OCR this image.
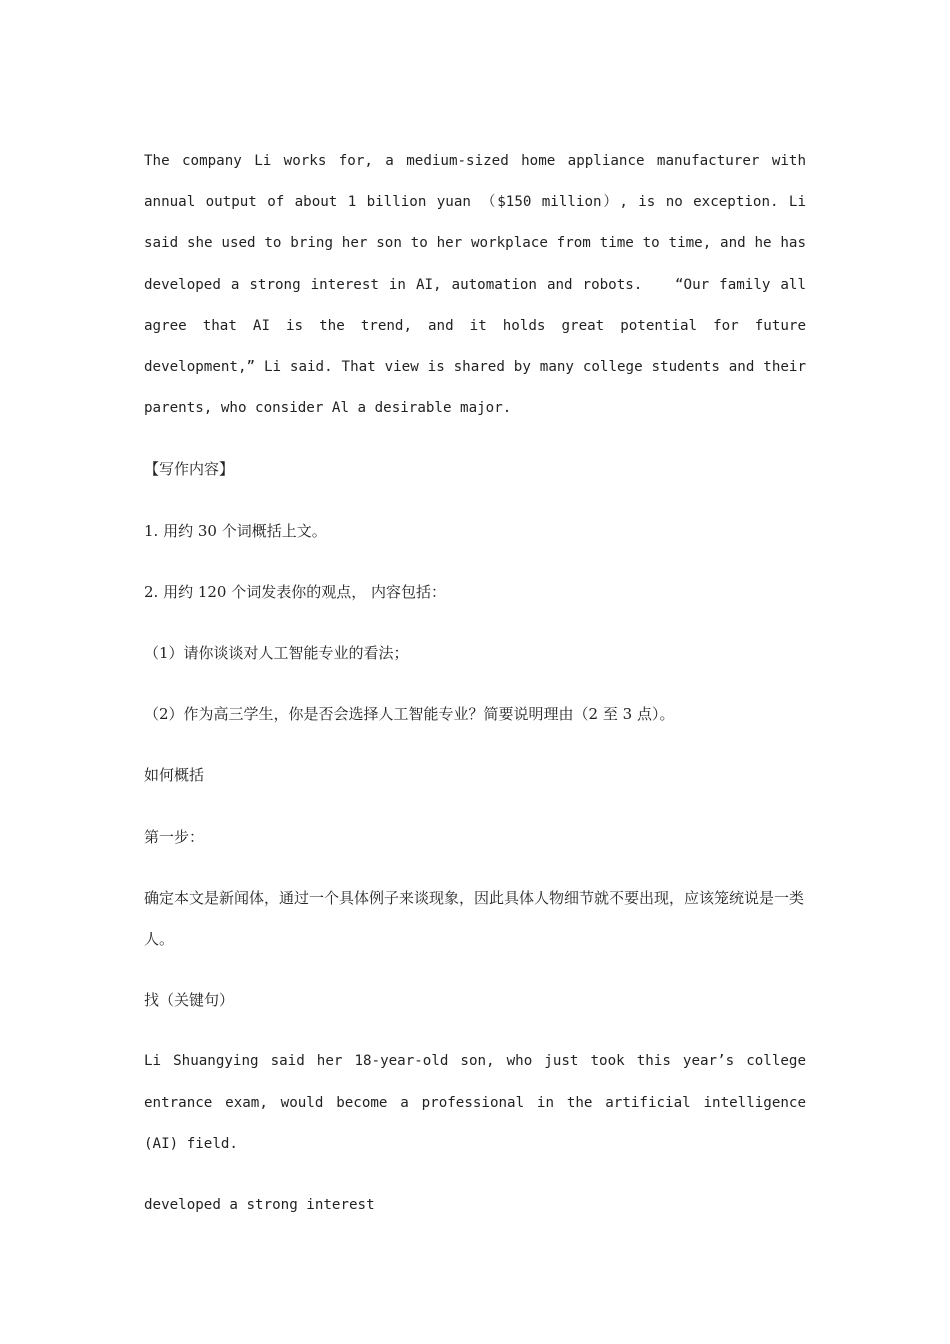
The company Li works for, a medium-sized home appliance manufacturer with annual output of about 1 billion yuan （$150 million）, is no exception. Li said she used to bring her son to her workplace from time to time, and he has developed a strong interest in AI, automation and robots.　　“Our family all agree that AI is the trend, and it holds great potential for future development,” Li said. That view is shared by many college students and their parents, who consider Al a desirable major.

【写作内容】

1. 用约 30 个词概括上文。

2. 用约 120 个词发表你的观点， 内容包括：

（1）请你谈谈对人工智能专业的看法；

（2）作为高三学生，你是否会选择人工智能专业？简要说明理由（2 至 3 点）。

如何概括

第一步：

确定本文是新闻体，通过一个具体例子来谈现象，因此具体人物细节就不要出现，应该笼统说是一类人。

找（关键句）

Li Shuangying said her 18-year-old son, who just took this year’s college entrance exam, would become a professional in the artificial intelligence (AI) field.

developed a strong interest
